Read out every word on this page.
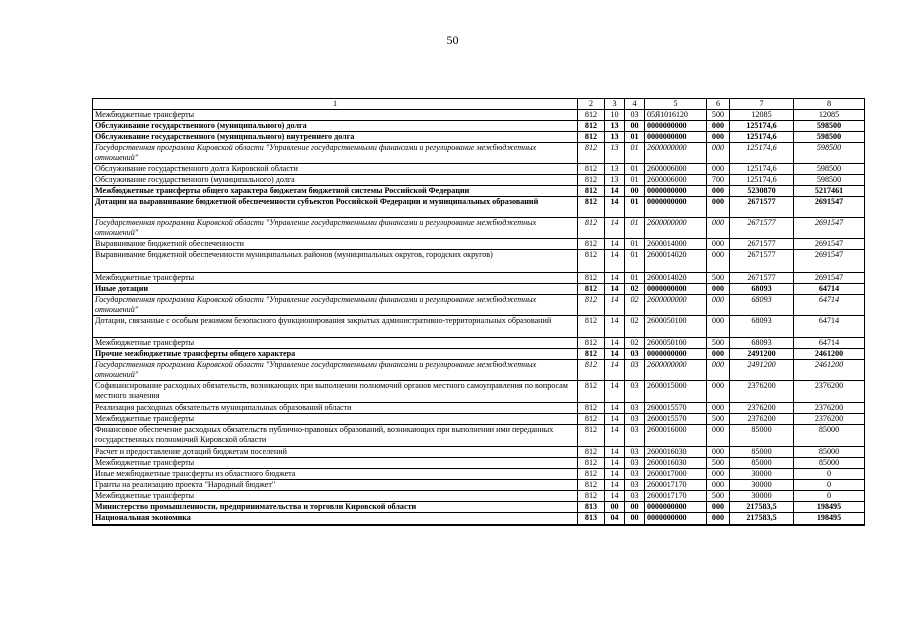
50
1	2	3	4	5	6	7	8
Межбюджетные трансферты	812	10	03	05Я1016120	500	12085	12085
Обслуживание государственного (муниципального) долга	812	13	00	0000000000	000	125174,6	598500
Обслуживание государственного (муниципального) внутреннего долга	812	13	01	0000000000	000	125174,6	598500
Государственная программа Кировской области "Управление государственными финансами и регулирование межбюджетных отношений"	812	13	01	2600000000	000	125174,6	598500
Обслуживание государственного долга Кировской области	812	13	01	2600006000	000	125174,6	598500
Обслуживание государственного (муниципального) долга	812	13	01	2600006000	700	125174,6	598500
Межбюджетные трансферты общего характера бюджетам бюджетной системы Российской Федерации	812	14	00	0000000000	000	5230870	5217461
Дотации на выравнивание бюджетной обеспеченности субъектов Российской Федерации и муниципальных образований	812	14	01	0000000000	000	2671577	2691547
Государственная программа Кировской области "Управление государственными финансами и регулирование межбюджетных отношений"	812	14	01	2600000000	000	2671577	2691547
Выравнивание бюджетной обеспеченности	812	14	01	2600014000	000	2671577	2691547
Выравнивание бюджетной обеспеченности муниципальных районов (муниципальных округов, городских округов)	812	14	01	2600014020	000	2671577	2691547
Межбюджетные трансферты	812	14	01	2600014020	500	2671577	2691547
Иные дотации	812	14	02	0000000000	000	68093	64714
Государственная программа Кировской области "Управление государственными финансами и регулирование межбюджетных отношений"	812	14	02	2600000000	000	68093	64714
Дотации, связанные с особым режимом безопасного функционирования закрытых административно-территориальных образований	812	14	02	2600050100	000	68093	64714
Межбюджетные трансферты	812	14	02	2600050100	500	68093	64714
Прочие межбюджетные трансферты общего характера	812	14	03	0000000000	000	2491200	2461200
Государственная программа Кировской области "Управление государственными финансами и регулирование межбюджетных отношений"	812	14	03	2600000000	000	2491200	2461200
Софинансирование расходных обязательств, возникающих при выполнении полномочий органов местного самоуправления по вопросам местного значения	812	14	03	2600015000	000	2376200	2376200
Реализация расходных обязательств муниципальных образований области	812	14	03	2600015570	000	2376200	2376200
Межбюджетные трансферты	812	14	03	2600015570	500	2376200	2376200
Финансовое обеспечение расходных обязательств публично-правовых образований, возникающих при выполнении ими переданных государственных полномочий Кировской области	812	14	03	2600016000	000	85000	85000
Расчет и предоставление дотаций бюджетам поселений	812	14	03	2600016030	000	85000	85000
Межбюджетные трансферты	812	14	03	2600016030	500	85000	85000
Иные межбюджетные трансферты из областного бюджета	812	14	03	2600017000	000	30000	0
Гранты на реализацию проекта "Народный бюджет"	812	14	03	2600017170	000	30000	0
Межбюджетные трансферты	812	14	03	2600017170	500	30000	0
Министерство промышленности, предпринимательства и торговли Кировской области	813	00	00	0000000000	000	217583,5	198495
Национальная экономика	813	04	00	0000000000	000	217583,5	198495
